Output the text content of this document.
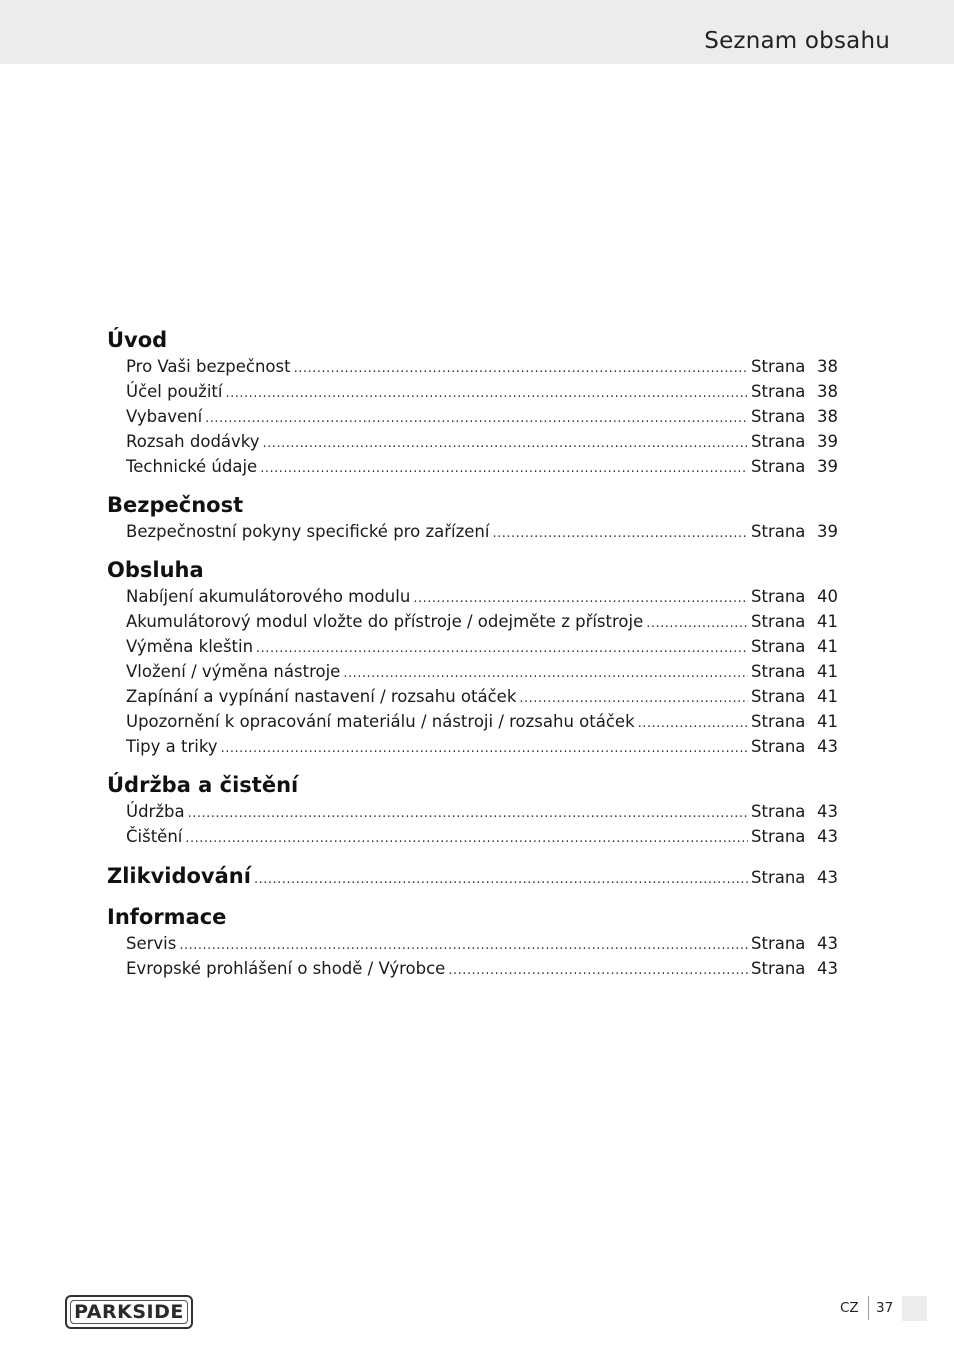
Seznam obsahu
Úvod
Pro Vaši bezpečnost .....	Strana 38
Účel použití .....	Strana 38
Vybavení .....	Strana 38
Rozsah dodávky .....	Strana 39
Technické údaje .....	Strana 39
Bezpečnost
Bezpečnostní pokyny specifické pro zařízení .....	Strana 39
Obsluha
Nabíjení akumulátorového modulu .....	Strana 40
Akumulátorový modul vložte do přístroje / odejměte z přístroje .....	Strana 41
Výměna kleštin .....	Strana 41
Vložení / výměna nástroje .....	Strana 41
Zapínání a vypínání nastavení / rozsahu otáček .....	Strana 41
Upozornění k opracování materiálu / nástroji / rozsahu otáček .....	Strana 41
Tipy a triky .....	Strana 43
Údržba a čistění
Údržba .....	Strana 43
Čištění .....	Strana 43
Zlikvidování .....	Strana 43
Informace
Servis .....	Strana 43
Evropské prohlášení o shodě / Výrobce .....	Strana 43
PARKSIDE	CZ 37
